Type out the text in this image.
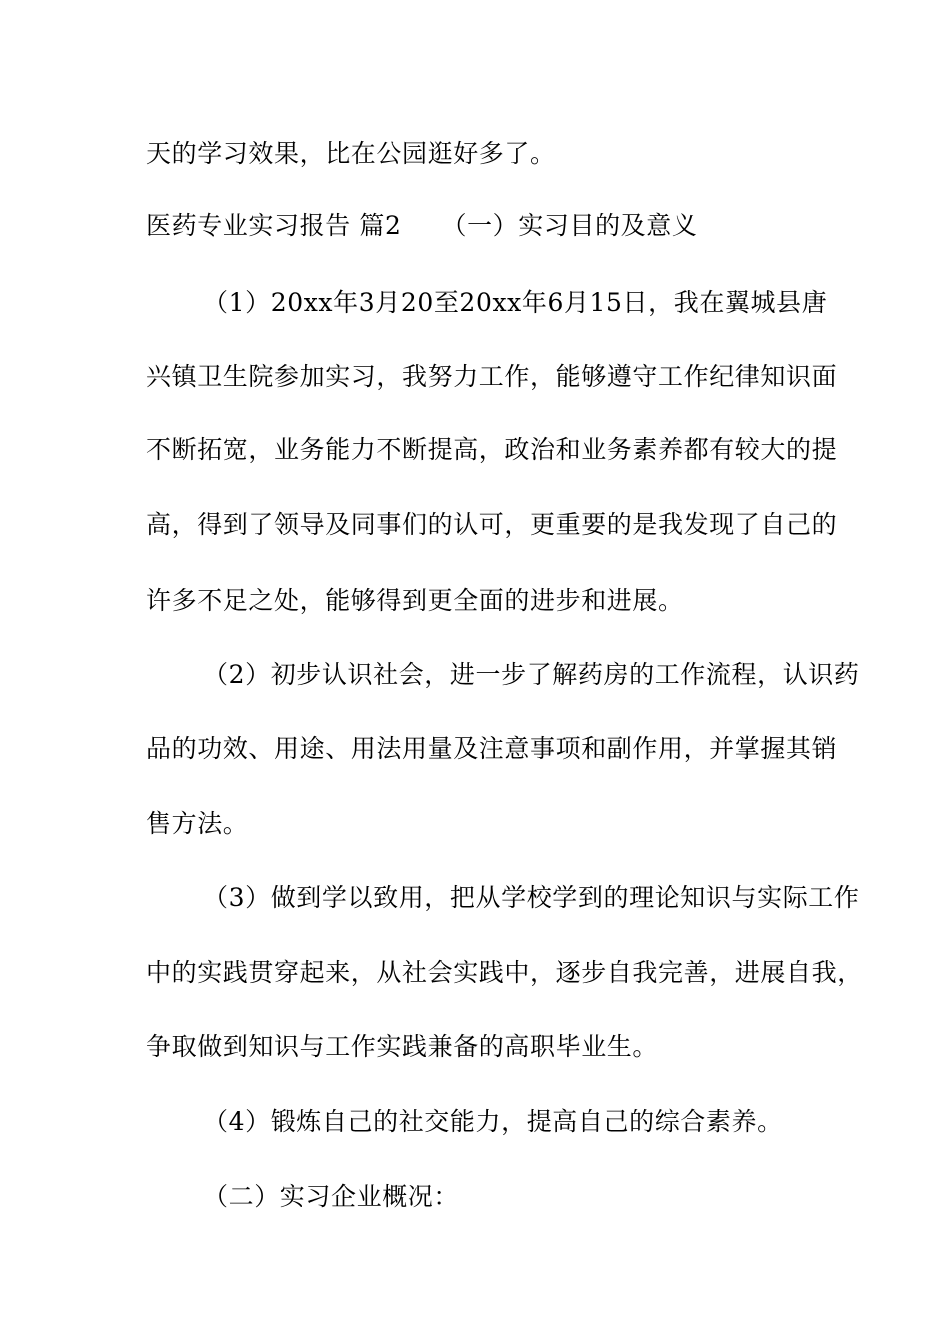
天的学习效果，比在公园逛好多了。
医药专业实习报告 篇2 （一）实习目的及意义
（1）20xx年3月20至20xx年6月15日，我在翼城县唐
兴镇卫生院参加实习，我努力工作，能够遵守工作纪律知识面
不断拓宽，业务能力不断提高，政治和业务素养都有较大的提
高，得到了领导及同事们的认可，更重要的是我发现了自己的
许多不足之处，能够得到更全面的进步和进展。
（2）初步认识社会，进一步了解药房的工作流程，认识药
品的功效、用途、用法用量及注意事项和副作用，并掌握其销
售方法。
（3）做到学以致用，把从学校学到的理论知识与实际工作
中的实践贯穿起来，从社会实践中，逐步自我完善，进展自我，
争取做到知识与工作实践兼备的高职毕业生。
（4）锻炼自己的社交能力，提高自己的综合素养。
（二）实习企业概况：
